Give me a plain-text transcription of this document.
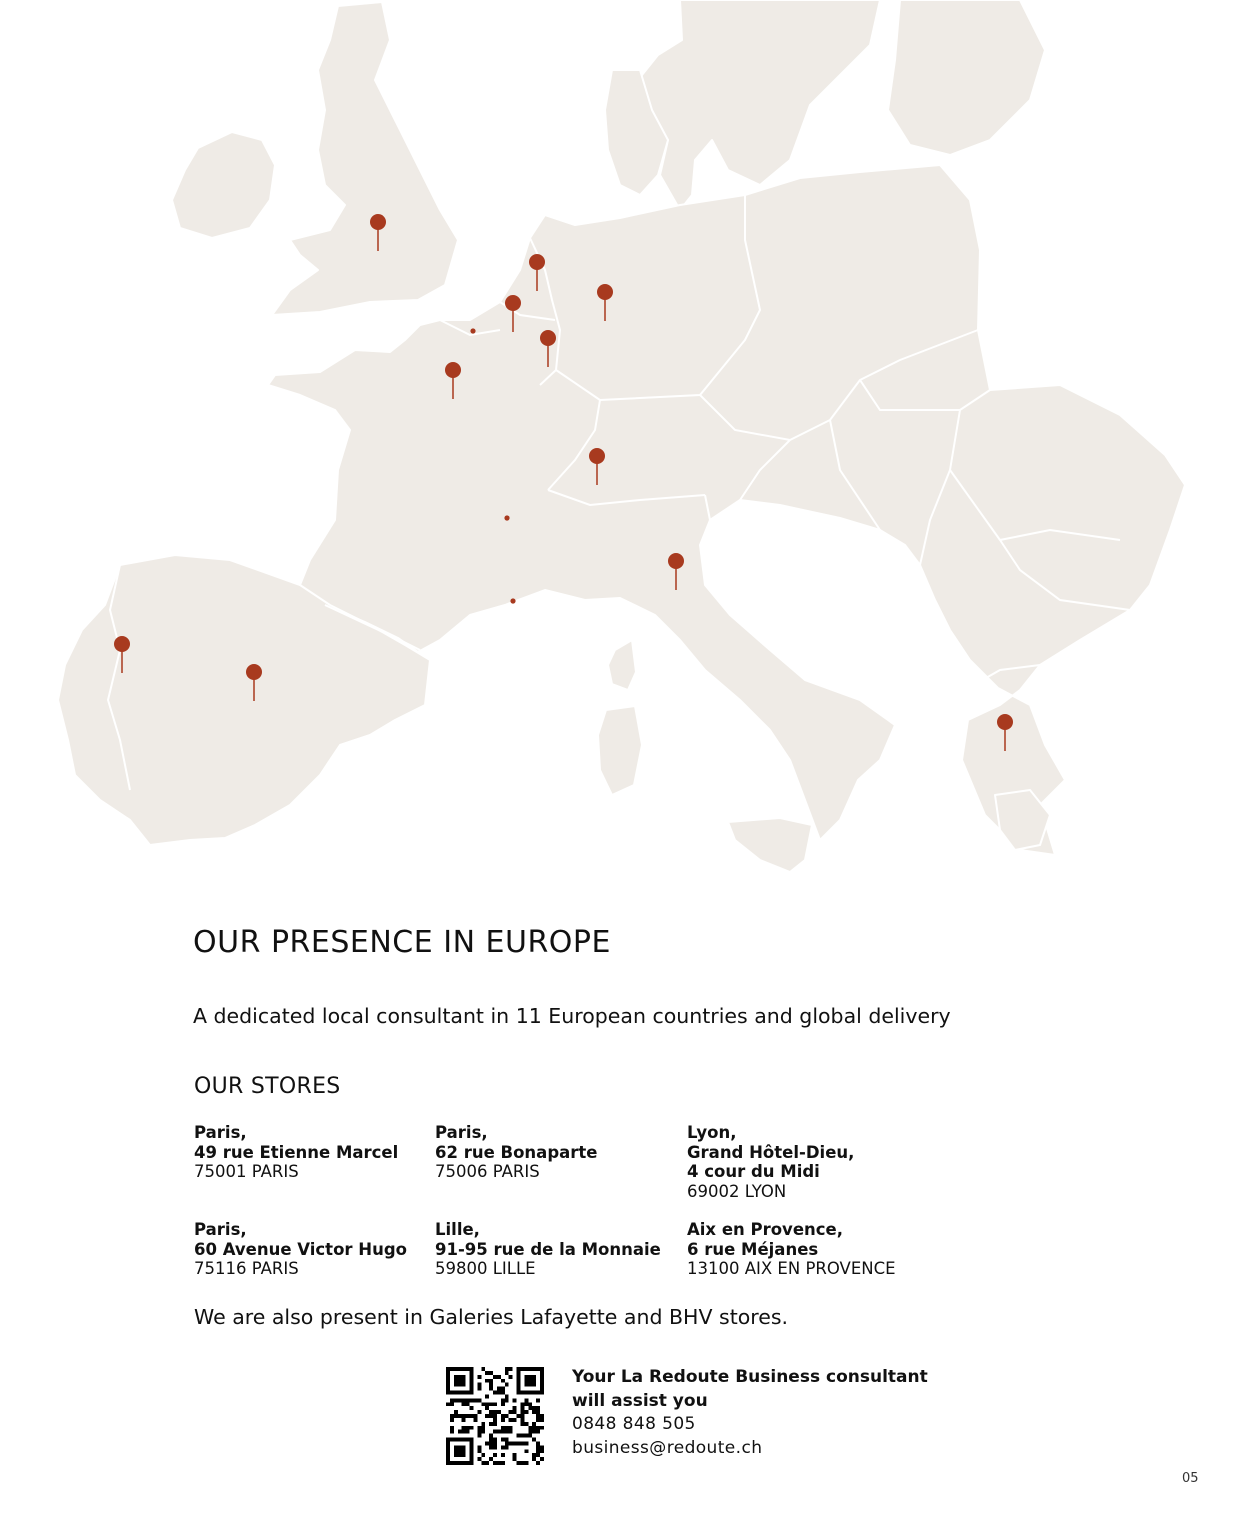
OUR PRESENCE IN EUROPE
A dedicated local consultant in 11 European countries and global delivery
OUR STORES
Paris,
49 rue Etienne Marcel
75001 PARIS
Paris,
62 rue Bonaparte
75006 PARIS
Lyon,
Grand Hôtel-Dieu,
4 cour du Midi
69002 LYON
Paris,
60 Avenue Victor Hugo
75116 PARIS
Lille,
91-95 rue de la Monnaie
59800 LILLE
Aix en Provence,
6 rue Méjanes
13100 AIX EN PROVENCE
We are also present in Galeries Lafayette and BHV stores.
Your La Redoute Business consultant
will assist you
0848 848 505
business@redoute.ch
05
